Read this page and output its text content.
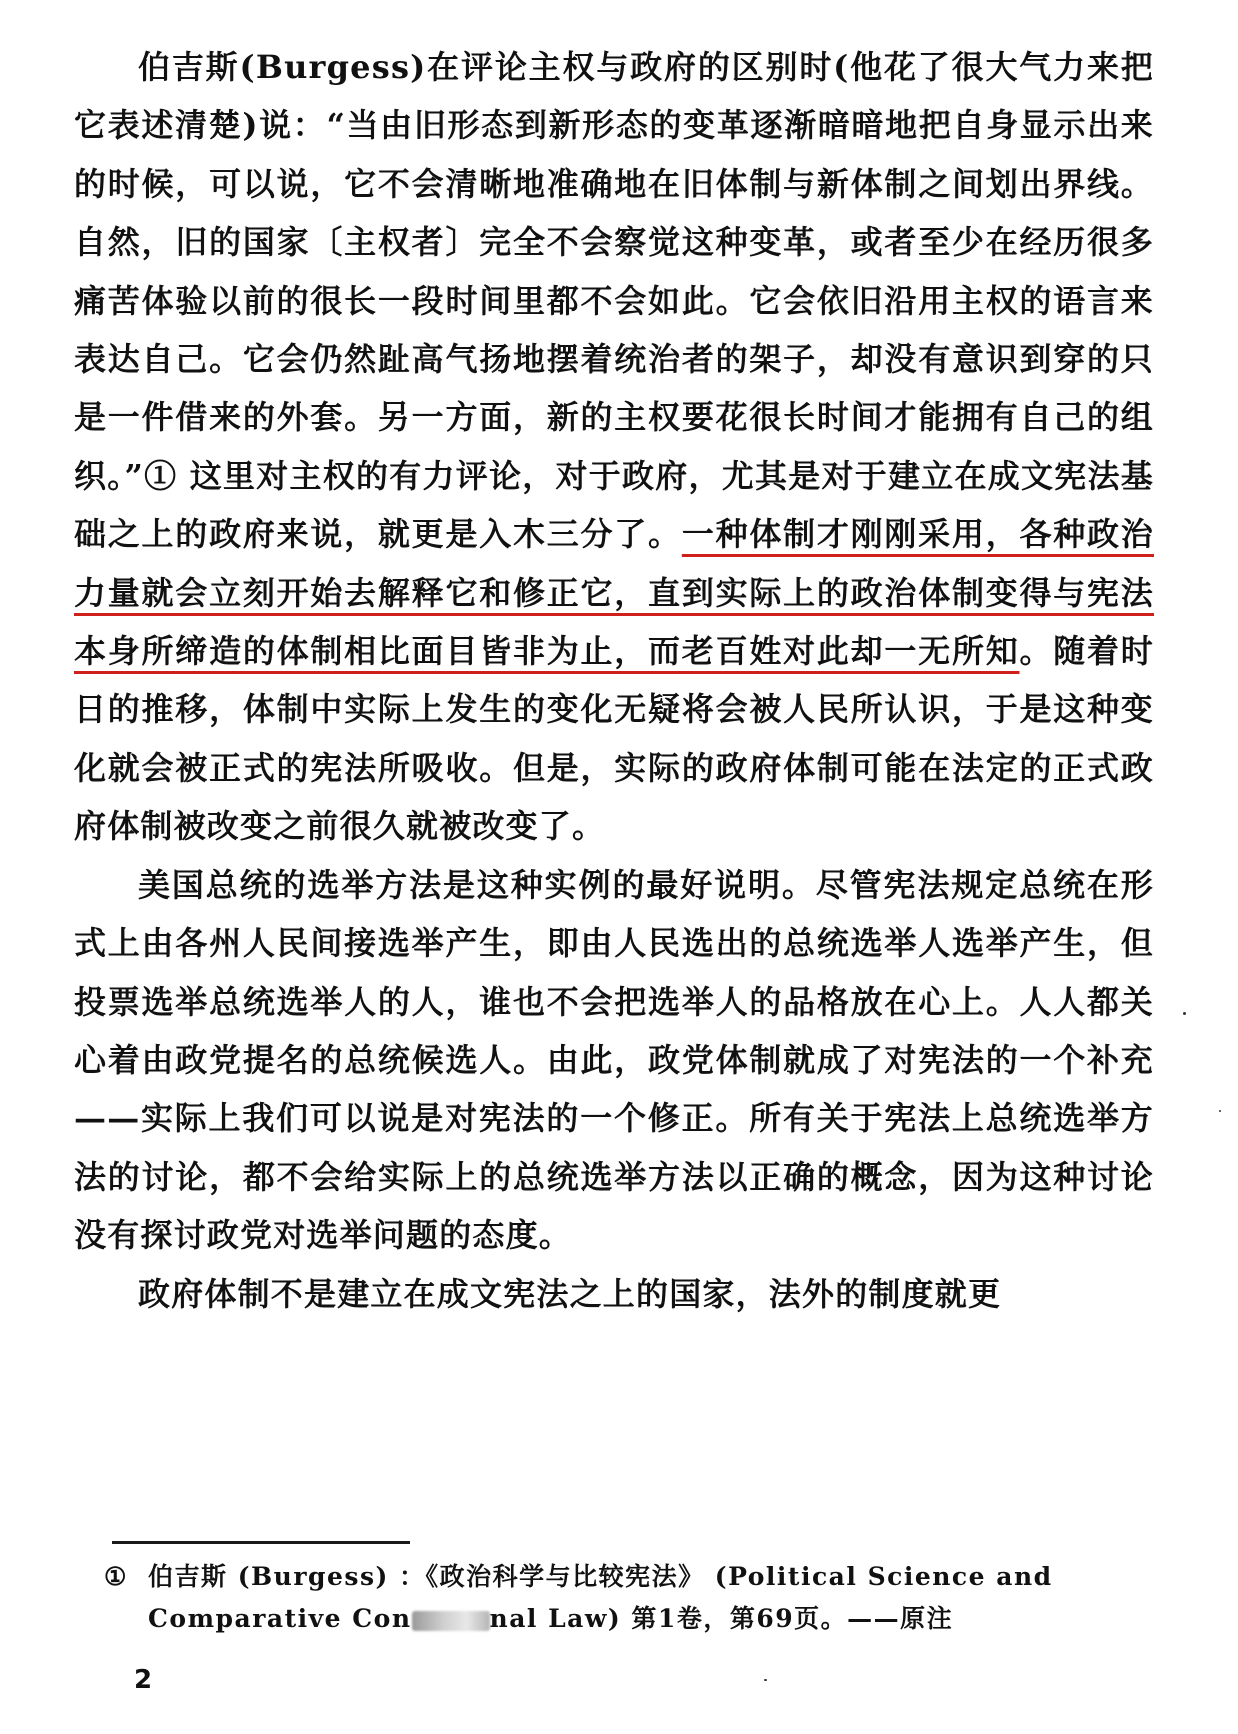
伯吉斯(Burgess)在评论主权与政府的区别时(他花了很大气力来把它表述清楚)说：“当由旧形态到新形态的变革逐渐暗暗地把自身显示出来的时候，可以说，它不会清晰地准确地在旧体制与新体制之间划出界线。自然，旧的国家〔主权者〕完全不会察觉这种变革，或者至少在经历很多痛苦体验以前的很长一段时间里都不会如此。它会依旧沿用主权的语言来表达自己。它会仍然趾高气扬地摆着统治者的架子，却没有意识到穿的只是一件借来的外套。另一方面，新的主权要花很长时间才能拥有自己的组织。”① 这里对主权的有力评论，对于政府，尤其是对于建立在成文宪法基础之上的政府来说，就更是入木三分了。一种体制才刚刚采用，各种政治力量就会立刻开始去解释它和修正它，直到实际上的政治体制变得与宪法本身所缔造的体制相比面目皆非为止，而老百姓对此却一无所知。随着时日的推移，体制中实际上发生的变化无疑将会被人民所认识，于是这种变化就会被正式的宪法所吸收。但是，实际的政府体制可能在法定的正式政府体制被改变之前很久就被改变了。

美国总统的选举方法是这种实例的最好说明。尽管宪法规定总统在形式上由各州人民间接选举产生，即由人民选出的总统选举人选举产生，但投票选举总统选举人的人，谁也不会把选举人的品格放在心上。人人都关心着由政党提名的总统候选人。由此，政党体制就成了对宪法的一个补充——实际上我们可以说是对宪法的一个修正。所有关于宪法上总统选举方法的讨论，都不会给实际上的总统选举方法以正确的概念，因为这种讨论没有探讨政党对选举问题的态度。

政府体制不是建立在成文宪法之上的国家，法外的制度就更

① 伯吉斯 (Burgess) ：《政治科学与比较宪法》 (Political Science and Comparative Con	nal Law) 第1卷，第69页。——原注
2
